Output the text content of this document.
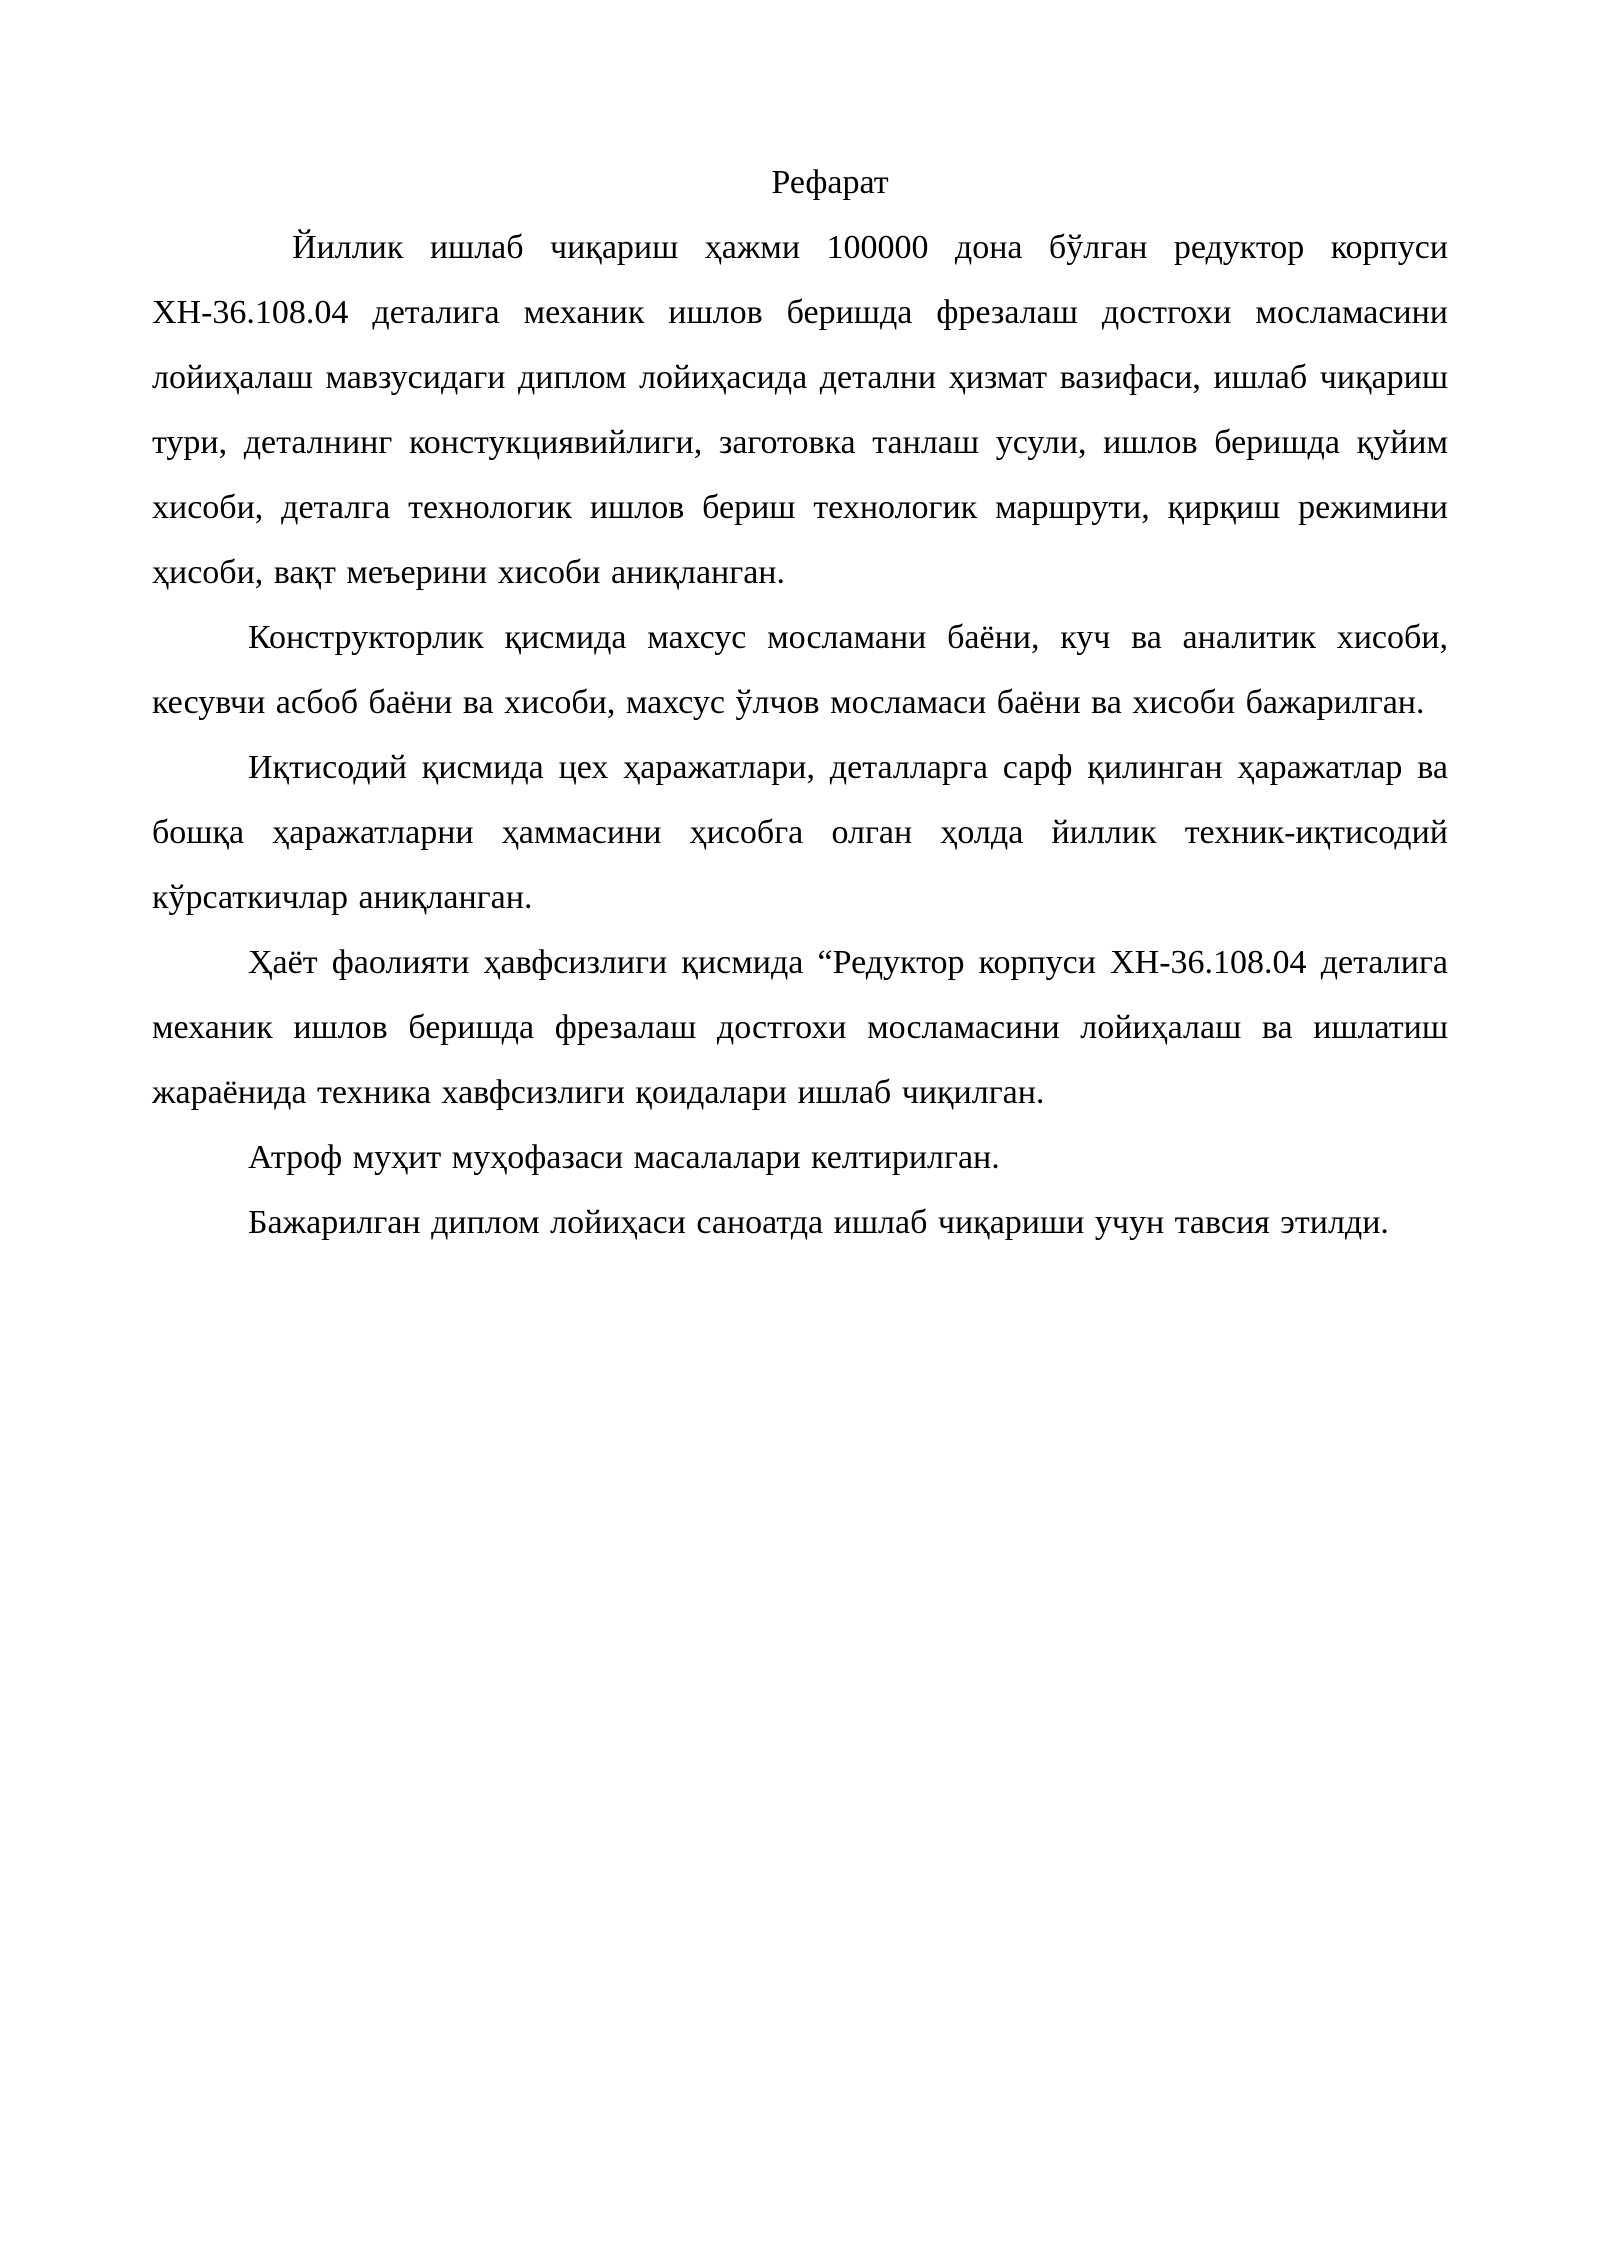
Рефарат

Йиллик ишлаб чиқариш ҳажми 100000 дона бўлган редуктор корпуси ХН-36.108.04 деталига механик ишлов беришда фрезалаш достгохи мосламасини лойиҳалаш мавзусидаги диплом лойиҳасида детални ҳизмат вазифаси, ишлаб чиқариш тури, деталнинг констукциявийлиги, заготовка танлаш усули, ишлов беришда қуйим хисоби, деталга технологик ишлов бериш технологик маршрути, қирқиш режимини ҳисоби, вақт меъерини хисоби аниқланган.

Конструкторлик қисмида махсус мосламани баёни, куч ва аналитик хисоби, кесувчи асбоб баёни ва хисоби, махсус ўлчов мосламаси баёни ва хисоби бажарилган.

Иқтисодий қисмида цех ҳаражатлари, деталларга сарф қилинган ҳаражатлар ва бошқа ҳаражатларни ҳаммасини ҳисобга олган ҳолда йиллик техник-иқтисодий кўрсаткичлар аниқланган.

Ҳаёт фаолияти ҳавфсизлиги қисмида “Редуктор корпуси ХН-36.108.04 деталига механик ишлов беришда фрезалаш достгохи мосламасини лойиҳалаш ва ишлатиш жараёнида техника хавфсизлиги қоидалари ишлаб чиқилган.

Атроф муҳит муҳофазаси масалалари келтирилган.

Бажарилган диплом лойиҳаси саноатда ишлаб чиқариши учун тавсия этилди.
